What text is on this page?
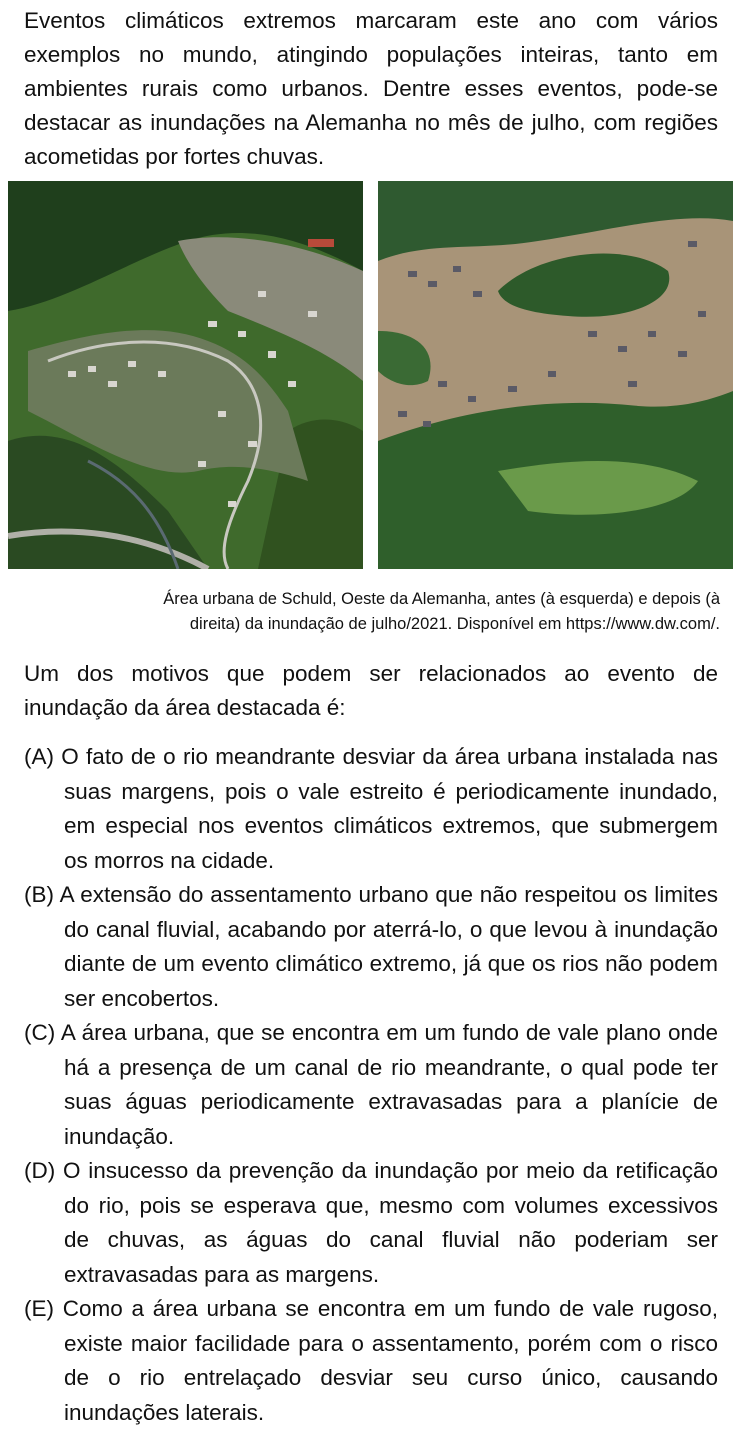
Eventos climáticos extremos marcaram este ano com vários exemplos no mundo, atingindo populações inteiras, tanto em ambientes rurais como urbanos. Dentre esses eventos, pode-se destacar as inundações na Alemanha no mês de julho, com regiões acometidas por fortes chuvas.

Área urbana de Schuld, Oeste da Alemanha, antes (à esquerda) e depois (à
direita) da inundação de julho/2021. Disponível em https://www.dw.com/.

Um dos motivos que podem ser relacionados ao evento de inundação da área destacada é:

(A) O fato de o rio meandrante desviar da área urbana instalada nas suas margens, pois o vale estreito é periodicamente inundado, em especial nos eventos climáticos extremos, que submergem os morros na cidade.

(B) A extensão do assentamento urbano que não respeitou os limites do canal fluvial, acabando por aterrá-lo, o que levou à inundação diante de um evento climático extremo, já que os rios não podem ser encobertos.

(C) A área urbana, que se encontra em um fundo de vale plano onde há a presença de um canal de rio meandrante, o qual pode ter suas águas periodicamente extravasadas para a planície de inundação.

(D) O insucesso da prevenção da inundação por meio da retificação do rio, pois se esperava que, mesmo com volumes excessivos de chuvas, as águas do canal fluvial não poderiam ser extravasadas para as margens.

(E) Como a área urbana se encontra em um fundo de vale rugoso, existe maior facilidade para o assentamento, porém com o risco de o rio entrelaçado desviar seu curso único, causando inundações laterais.
